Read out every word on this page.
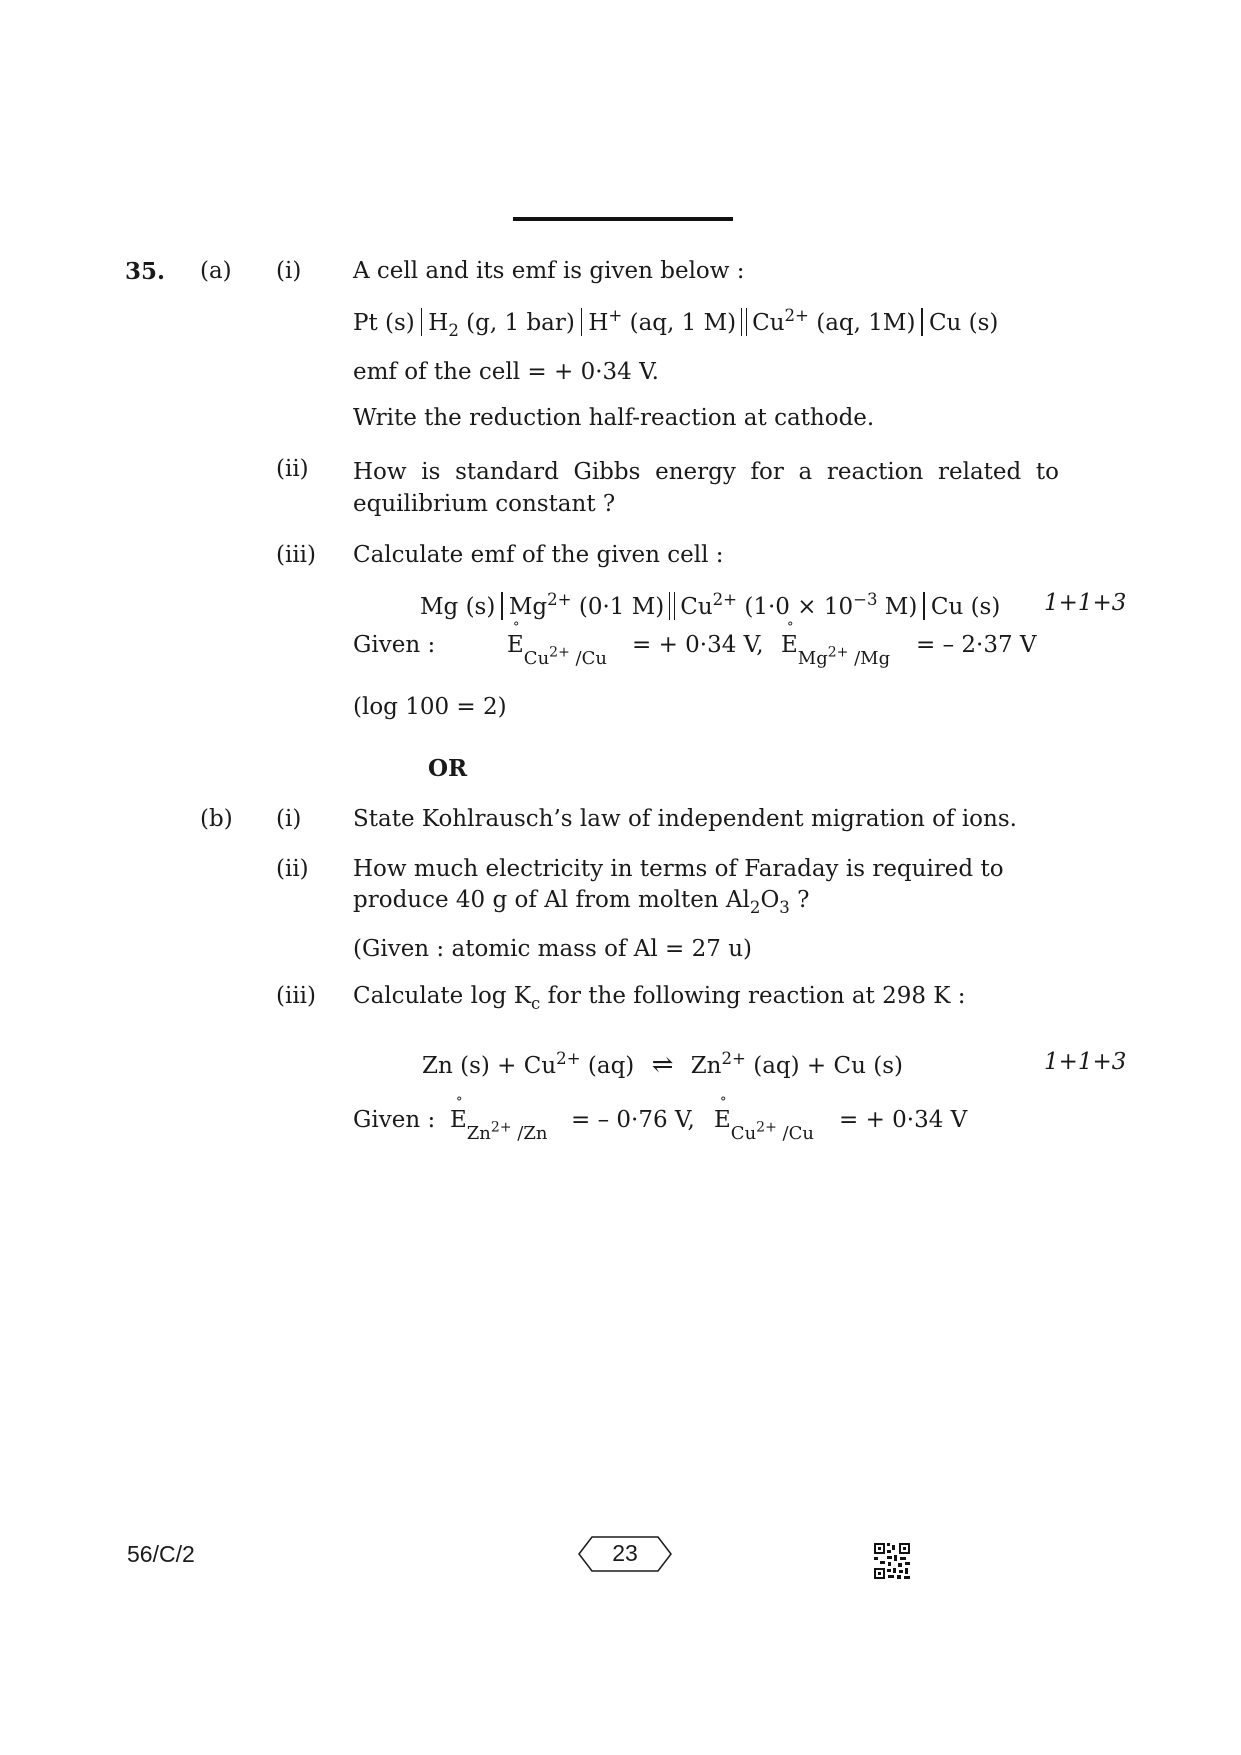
35. (a) (i) A cell and its emf is given below :
Pt (s) $H_2$ (g, 1 bar) H+ (aq, 1 M) $Cu^{2+}$ (aq, 1M) Cu (s)
emf of the cell = + 0·34 V.
Write the reduction half-reaction at cathode.
(ii) How is standard Gibbs energy for a reaction related to equilibrium constant ?
(iii) Calculate emf of the given cell :
Mg (s) $Mg^{2+}$ (0·1 M) $Cu^{2+}$ ($1\cdot 0 \times 10^{-3}$ M) Cu (s) 1+1+3
Given :	E
°
$_{Cu^{2+} /Cu}$
= + 0·34 V, E
°
$_{Mg^{2+} /Mg}$
= – 2·37 V
(log 100 = 2)
OR
(b) (i) State Kohlrausch’s law of independent migration of ions.
(ii) How much electricity in terms of Faraday is required to
produce 40 g of Al from molten $Al_2O_3$ ?
(Given : atomic mass of Al = 27 u)
(iii) Calculate $\log K_c$ for the following reaction at 298 K :
Zn $(s) + Cu^{2+}$ (aq) ⇌ $Zn^{2+}$ (aq) + Cu (s)	1+1+3
Given : E
°
$_{Zn^{2+} /Zn}$
= – 0·76 V, E
°
$_{Cu^{2+} /Cu}$
= + 0·34 V
56/C/2	23
